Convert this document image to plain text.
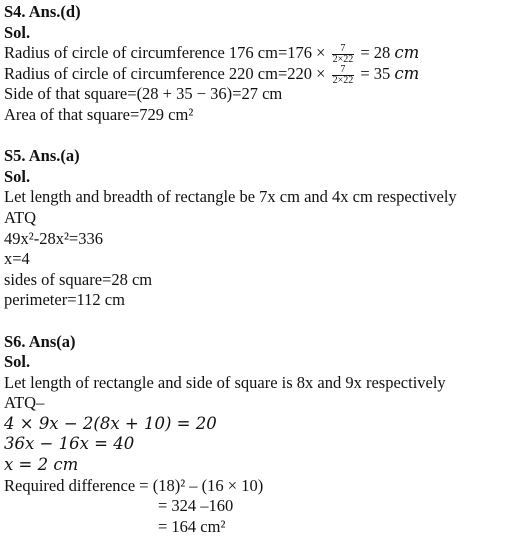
S4. Ans.(d)
Sol.
Radius of circle of circumference 176 $cm=176 \times \frac{7}{2\times 22} = 28$ cm
Radius of circle of circumference 220 $cm=220 \times \frac{7}{2\times 22} = 35$ cm
Side of that square=(28 + 35 − 36)=27 cm
Area of that square=729 cm²
S5. Ans.(a)
Sol.
Let length and breadth of rectangle be 7x cm and 4x cm respectively
ATQ
49x²-28x²=336
x=4
sides of square=28 cm
perimeter=112 cm
S6. Ans(a)
Sol.
Let length of rectangle and side of square is 8x and 9x respectively
ATQ–
4 × 9x − 2(8x + 10) = 20
36x − 16x = 40
x = 2 cm
Required difference = (18)² – (16 × 10)
= 324 –160
= 164 cm²
